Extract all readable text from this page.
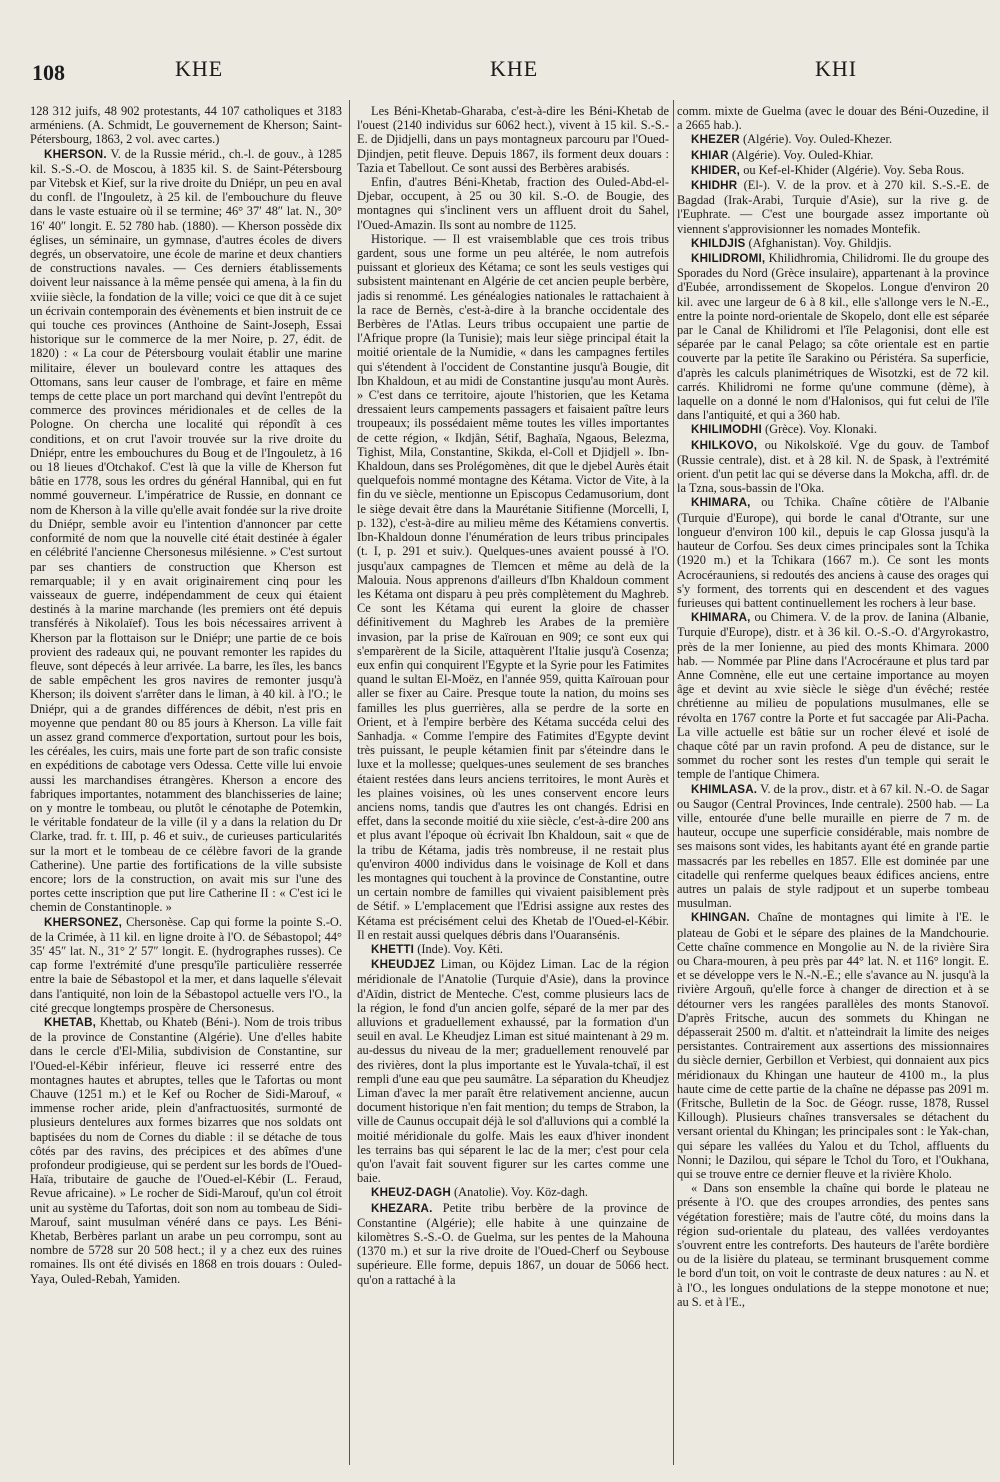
108	KHE	KHE	KHI

128 312 juifs, 48 902 protestants, 44 107 catholiques et 3183 arméniens. (A. Schmidt, Le gouvernement de Kherson; Saint-Pétersbourg, 1863, 2 vol. avec cartes.)

KHERSON. V. de la Russie mérid., ch.-l. de gouv., à 1285 kil. S.-S.-O. de Moscou, à 1835 kil. S. de Saint-Pétersbourg par Vitebsk et Kief, sur la rive droite du Dniépr, un peu en aval du confl. de l'Ingouletz, à 25 kil. de l'embouchure du fleuve dans le vaste estuaire où il se termine; 46° 37′ 48″ lat. N., 30° 16′ 40″ longit. E. 52 780 hab. (1880). — Kherson possède dix églises, un séminaire, un gymnase, d'autres écoles de divers degrés, un observatoire, une école de marine et deux chantiers de constructions navales. — Ces derniers établissements doivent leur naissance à la même pensée qui amena, à la fin du xviiie siècle, la fondation de la ville; voici ce que dit à ce sujet un écrivain contemporain des évènements et bien instruit de ce qui touche ces provinces (Anthoine de Saint-Joseph, Essai historique sur le commerce de la mer Noire, p. 27, édit. de 1820) : « La cour de Pétersbourg voulait établir une marine militaire, élever un boulevard contre les attaques des Ottomans, sans leur causer de l'ombrage, et faire en même temps de cette place un port marchand qui devînt l'entrepôt du commerce des provinces méridionales et de celles de la Pologne. On chercha une localité qui répondît à ces conditions, et on crut l'avoir trouvée sur la rive droite du Dniépr, entre les embouchures du Boug et de l'Ingouletz, à 16 ou 18 lieues d'Otchakof. C'est là que la ville de Kherson fut bâtie en 1778, sous les ordres du général Hannibal, qui en fut nommé gouverneur. L'impératrice de Russie, en donnant ce nom de Kherson à la ville qu'elle avait fondée sur la rive droite du Dniépr, semble avoir eu l'intention d'annoncer par cette conformité de nom que la nouvelle cité était destinée à égaler en célébrité l'ancienne Chersonesus milésienne. » C'est surtout par ses chantiers de construction que Kherson est remarquable; il y en avait originairement cinq pour les vaisseaux de guerre, indépendamment de ceux qui étaient destinés à la marine marchande (les premiers ont été depuis transférés à Nikolaïef). Tous les bois nécessaires arrivent à Kherson par la flottaison sur le Dniépr; une partie de ce bois provient des radeaux qui, ne pouvant remonter les rapides du fleuve, sont dépecés à leur arrivée. La barre, les îles, les bancs de sable empêchent les gros navires de remonter jusqu'à Kherson; ils doivent s'arrêter dans le liman, à 40 kil. à l'O.; le Dniépr, qui a de grandes différences de débit, n'est pris en moyenne que pendant 80 ou 85 jours à Kherson. La ville fait un assez grand commerce d'exportation, surtout pour les bois, les céréales, les cuirs, mais une forte part de son trafic consiste en expéditions de cabotage vers Odessa. Cette ville lui envoie aussi les marchandises étrangères. Kherson a encore des fabriques importantes, notamment des blanchisseries de laine; on y montre le tombeau, ou plutôt le cénotaphe de Potemkin, le véritable fondateur de la ville (il y a dans la relation du Dr Clarke, trad. fr. t. III, p. 46 et suiv., de curieuses particularités sur la mort et le tombeau de ce célèbre favori de la grande Catherine). Une partie des fortifications de la ville subsiste encore; lors de la construction, on avait mis sur l'une des portes cette inscription que put lire Catherine II : « C'est ici le chemin de Constantinople. »

KHERSONEZ, Chersonèse. Cap qui forme la pointe S.-O. de la Crimée, à 11 kil. en ligne droite à l'O. de Sébastopol; 44° 35′ 45″ lat. N., 31° 2′ 57″ longit. E. (hydrographes russes). Ce cap forme l'extrémité d'une presqu'île particulière resserrée entre la baie de Sébastopol et la mer, et dans laquelle s'élevait dans l'antiquité, non loin de la Sébastopol actuelle vers l'O., la cité grecque longtemps prospère de Chersonesus.

KHETAB, Khettab, ou Khateb (Béni-). Nom de trois tribus de la province de Constantine (Algérie). Une d'elles habite dans le cercle d'El-Milia, subdivision de Constantine, sur l'Oued-el-Kébir inférieur, fleuve ici resserré entre des montagnes hautes et abruptes, telles que le Tafortas ou mont Chauve (1251 m.) et le Kef ou Rocher de Sidi-Marouf, « immense rocher aride, plein d'anfractuosités, surmonté de plusieurs dentelures aux formes bizarres que nos soldats ont baptisées du nom de Cornes du diable : il se détache de tous côtés par des ravins, des précipices et des abîmes d'une profondeur prodigieuse, qui se perdent sur les bords de l'Oued-Haïa, tributaire de gauche de l'Oued-el-Kébir (L. Feraud, Revue africaine). » Le rocher de Sidi-Marouf, qu'un col étroit unit au système du Tafortas, doit son nom au tombeau de Sidi-Marouf, saint musulman vénéré dans ce pays. Les Béni-Khetab, Berbères parlant un arabe un peu corrompu, sont au nombre de 5728 sur 20 508 hect.; il y a chez eux des ruines romaines. Ils ont été divisés en 1868 en trois douars : Ouled-Yaya, Ouled-Rebah, Yamiden.

Les Béni-Khetab-Gharaba, c'est-à-dire les Béni-Khetab de l'ouest (2140 individus sur 6062 hect.), vivent à 15 kil. S.-S.-E. de Djidjelli, dans un pays montagneux parcouru par l'Oued-Djindjen, petit fleuve. Depuis 1867, ils forment deux douars : Tazia et Tabellout. Ce sont aussi des Berbères arabisés.

Enfin, d'autres Béni-Khetab, fraction des Ouled-Abd-el-Djebar, occupent, à 25 ou 30 kil. S.-O. de Bougie, des montagnes qui s'inclinent vers un affluent droit du Sahel, l'Oued-Amazin. Ils sont au nombre de 1125.

Historique. — Il est vraisemblable que ces trois tribus gardent, sous une forme un peu altérée, le nom autrefois puissant et glorieux des Kétama; ce sont les seuls vestiges qui subsistent maintenant en Algérie de cet ancien peuple berbère, jadis si renommé. Les généalogies nationales le rattachaient à la race de Bernès, c'est-à-dire à la branche occidentale des Berbères de l'Atlas. Leurs tribus occupaient une partie de l'Afrique propre (la Tunisie); mais leur siège principal était la moitié orientale de la Numidie, « dans les campagnes fertiles qui s'étendent à l'occident de Constantine jusqu'à Bougie, dit Ibn Khaldoun, et au midi de Constantine jusqu'au mont Aurès. » C'est dans ce territoire, ajoute l'historien, que les Ketama dressaient leurs campements passagers et faisaient paître leurs troupeaux; ils possédaient même toutes les villes importantes de cette région, « Ikdjân, Sétif, Baghaïa, Ngaous, Belezma, Tighist, Mila, Constantine, Skikda, el-Coll et Djidjell ». Ibn-Khaldoun, dans ses Prolégomènes, dit que le djebel Aurès était quelquefois nommé montagne des Kétama. Victor de Vite, à la fin du ve siècle, mentionne un Episcopus Cedamusorium, dont le siège devait être dans la Maurétanie Sitifienne (Morcelli, I, p. 132), c'est-à-dire au milieu même des Kétamiens convertis. Ibn-Khaldoun donne l'énumération de leurs tribus principales (t. I, p. 291 et suiv.). Quelques-unes avaient poussé à l'O. jusqu'aux campagnes de Tlemcen et même au delà de la Malouia. Nous apprenons d'ailleurs d'Ibn Khaldoun comment les Kétama ont disparu à peu près complètement du Maghreb. Ce sont les Kétama qui eurent la gloire de chasser définitivement du Maghreb les Arabes de la première invasion, par la prise de Kaïrouan en 909; ce sont eux qui s'emparèrent de la Sicile, attaquèrent l'Italie jusqu'à Cosenza; eux enfin qui conquirent l'Egypte et la Syrie pour les Fatimites quand le sultan El-Moëz, en l'année 959, quitta Kaïrouan pour aller se fixer au Caire. Presque toute la nation, du moins ses familles les plus guerrières, alla se perdre de la sorte en Orient, et à l'empire berbère des Kétama succéda celui des Sanhadja. « Comme l'empire des Fatimites d'Egypte devint très puissant, le peuple kétamien finit par s'éteindre dans le luxe et la mollesse; quelques-unes seulement de ses branches étaient restées dans leurs anciens territoires, le mont Aurès et les plaines voisines, où les unes conservent encore leurs anciens noms, tandis que d'autres les ont changés. Edrisi en effet, dans la seconde moitié du xiie siècle, c'est-à-dire 200 ans et plus avant l'époque où écrivait Ibn Khaldoun, sait « que de la tribu de Kétama, jadis très nombreuse, il ne restait plus qu'environ 4000 individus dans le voisinage de Koll et dans les montagnes qui touchent à la province de Constantine, outre un certain nombre de familles qui vivaient paisiblement près de Sétif. » L'emplacement que l'Edrisi assigne aux restes des Kétama est précisément celui des Khetab de l'Oued-el-Kébir. Il en restait aussi quelques débris dans l'Ouaransénis.

KHETTI (Inde). Voy. Kêti.

KHEUDJEZ Liman, ou Köjdez Liman. Lac de la région méridionale de l'Anatolie (Turquie d'Asie), dans la province d'Aïdin, district de Menteche. C'est, comme plusieurs lacs de la région, le fond d'un ancien golfe, séparé de la mer par des alluvions et graduellement exhaussé, par la formation d'un seuil en aval. Le Kheudjez Liman est situé maintenant à 29 m. au-dessus du niveau de la mer; graduellement renouvelé par des rivières, dont la plus importante est le Yuvala-tchaï, il est rempli d'une eau que peu saumâtre. La séparation du Kheudjez Liman d'avec la mer paraît être relativement ancienne, aucun document historique n'en fait mention; du temps de Strabon, la ville de Caunus occupait déjà le sol d'alluvions qui a comblé la moitié méridionale du golfe. Mais les eaux d'hiver inondent les terrains bas qui séparent le lac de la mer; c'est pour cela qu'on l'avait fait souvent figurer sur les cartes comme une baie.

KHEUZ-DAGH (Anatolie). Voy. Köz-dagh.

KHEZARA. Petite tribu berbère de la province de Constantine (Algérie); elle habite à une quinzaine de kilomètres S.-S.-O. de Guelma, sur les pentes de la Mahouna (1370 m.) et sur la rive droite de l'Oued-Cherf ou Seybouse supérieure. Elle forme, depuis 1867, un douar de 5066 hect. qu'on a rattaché à la

comm. mixte de Guelma (avec le douar des Béni-Ouzedine, il a 2665 hab.).

KHEZER (Algérie). Voy. Ouled-Khezer.

KHIAR (Algérie). Voy. Ouled-Khiar.

KHIDER, ou Kef-el-Khider (Algérie). Voy. Seba Rous.

KHIDHR (El-). V. de la prov. et à 270 kil. S.-S.-E. de Bagdad (Irak-Arabi, Turquie d'Asie), sur la rive g. de l'Euphrate. — C'est une bourgade assez importante où viennent s'approvisionner les nomades Montefik.

KHILDJIS (Afghanistan). Voy. Ghildjis.

KHILIDROMI, Khilidhromia, Chilidromi. Ile du groupe des Sporades du Nord (Grèce insulaire), appartenant à la province d'Eubée, arrondissement de Skopelos. Longue d'environ 20 kil. avec une largeur de 6 à 8 kil., elle s'allonge vers le N.-E., entre la pointe nord-orientale de Skopelo, dont elle est séparée par le Canal de Khilidromi et l'île Pelagonisi, dont elle est séparée par le canal Pelago; sa côte orientale est en partie couverte par la petite île Sarakino ou Péristéra. Sa superficie, d'après les calculs planimétriques de Wisotzki, est de 72 kil. carrés. Khilidromi ne forme qu'une commune (dème), à laquelle on a donné le nom d'Halonisos, qui fut celui de l'île dans l'antiquité, et qui a 360 hab.

KHILIMODHI (Grèce). Voy. Klonaki.

KHILKOVO, ou Nikolskoïé. Vge du gouv. de Tambof (Russie centrale), dist. et à 28 kil. N. de Spask, à l'extrémité orient. d'un petit lac qui se déverse dans la Mokcha, affl. dr. de la Tzna, sous-bassin de l'Oka.

KHIMARA, ou Tchika. Chaîne côtière de l'Albanie (Turquie d'Europe), qui borde le canal d'Otrante, sur une longueur d'environ 100 kil., depuis le cap Glossa jusqu'à la hauteur de Corfou. Ses deux cimes principales sont la Tchika (1920 m.) et la Tchikara (1667 m.). Ce sont les monts Acrocérauniens, si redoutés des anciens à cause des orages qui s'y forment, des torrents qui en descendent et des vagues furieuses qui battent continuellement les rochers à leur base.

KHIMARA, ou Chimera. V. de la prov. de Ianina (Albanie, Turquie d'Europe), distr. et à 36 kil. O.-S.-O. d'Argyrokastro, près de la mer Ionienne, au pied des monts Khimara. 2000 hab. — Nommée par Pline dans l'Acrocéraune et plus tard par Anne Comnène, elle eut une certaine importance au moyen âge et devint au xvie siècle le siège d'un évêché; restée chrétienne au milieu de populations musulmanes, elle se révolta en 1767 contre la Porte et fut saccagée par Ali-Pacha. La ville actuelle est bâtie sur un rocher élevé et isolé de chaque côté par un ravin profond. A peu de distance, sur le sommet du rocher sont les restes d'un temple qui serait le temple de l'antique Chimera.

KHIMLASA. V. de la prov., distr. et à 67 kil. N.-O. de Sagar ou Saugor (Central Provinces, Inde centrale). 2500 hab. — La ville, entourée d'une belle muraille en pierre de 7 m. de hauteur, occupe une superficie considérable, mais nombre de ses maisons sont vides, les habitants ayant été en grande partie massacrés par les rebelles en 1857. Elle est dominée par une citadelle qui renferme quelques beaux édifices anciens, entre autres un palais de style radjpout et un superbe tombeau musulman.

KHINGAN. Chaîne de montagnes qui limite à l'E. le plateau de Gobi et le sépare des plaines de la Mandchourie. Cette chaîne commence en Mongolie au N. de la rivière Sira ou Chara-mouren, à peu près par 44° lat. N. et 116° longit. E. et se développe vers le N.-N.-E.; elle s'avance au N. jusqu'à la rivière Argouñ, qu'elle force à changer de direction et à se détourner vers les rangées parallèles des monts Stanovoï. D'après Fritsche, aucun des sommets du Khingan ne dépasserait 2500 m. d'altit. et n'atteindrait la limite des neiges persistantes. Contrairement aux assertions des missionnaires du siècle dernier, Gerbillon et Verbiest, qui donnaient aux pics méridionaux du Khingan une hauteur de 4100 m., la plus haute cime de cette partie de la chaîne ne dépasse pas 2091 m. (Fritsche, Bulletin de la Soc. de Géogr. russe, 1878, Russel Killough). Plusieurs chaînes transversales se détachent du versant oriental du Khingan; les principales sont : le Yak-chan, qui sépare les vallées du Yalou et du Tchol, affluents du Nonni; le Dazilou, qui sépare le Tchol du Toro, et l'Oukhana, qui se trouve entre ce dernier fleuve et la rivière Kholo.

« Dans son ensemble la chaîne qui borde le plateau ne présente à l'O. que des croupes arrondies, des pentes sans végétation forestière; mais de l'autre côté, du moins dans la région sud-orientale du plateau, des vallées verdoyantes s'ouvrent entre les contreforts. Des hauteurs de l'arête bordière ou de la lisière du plateau, se terminant brusquement comme le bord d'un toit, on voit le contraste de deux natures : au N. et à l'O., les longues ondulations de la steppe monotone et nue; au S. et à l'E.,
